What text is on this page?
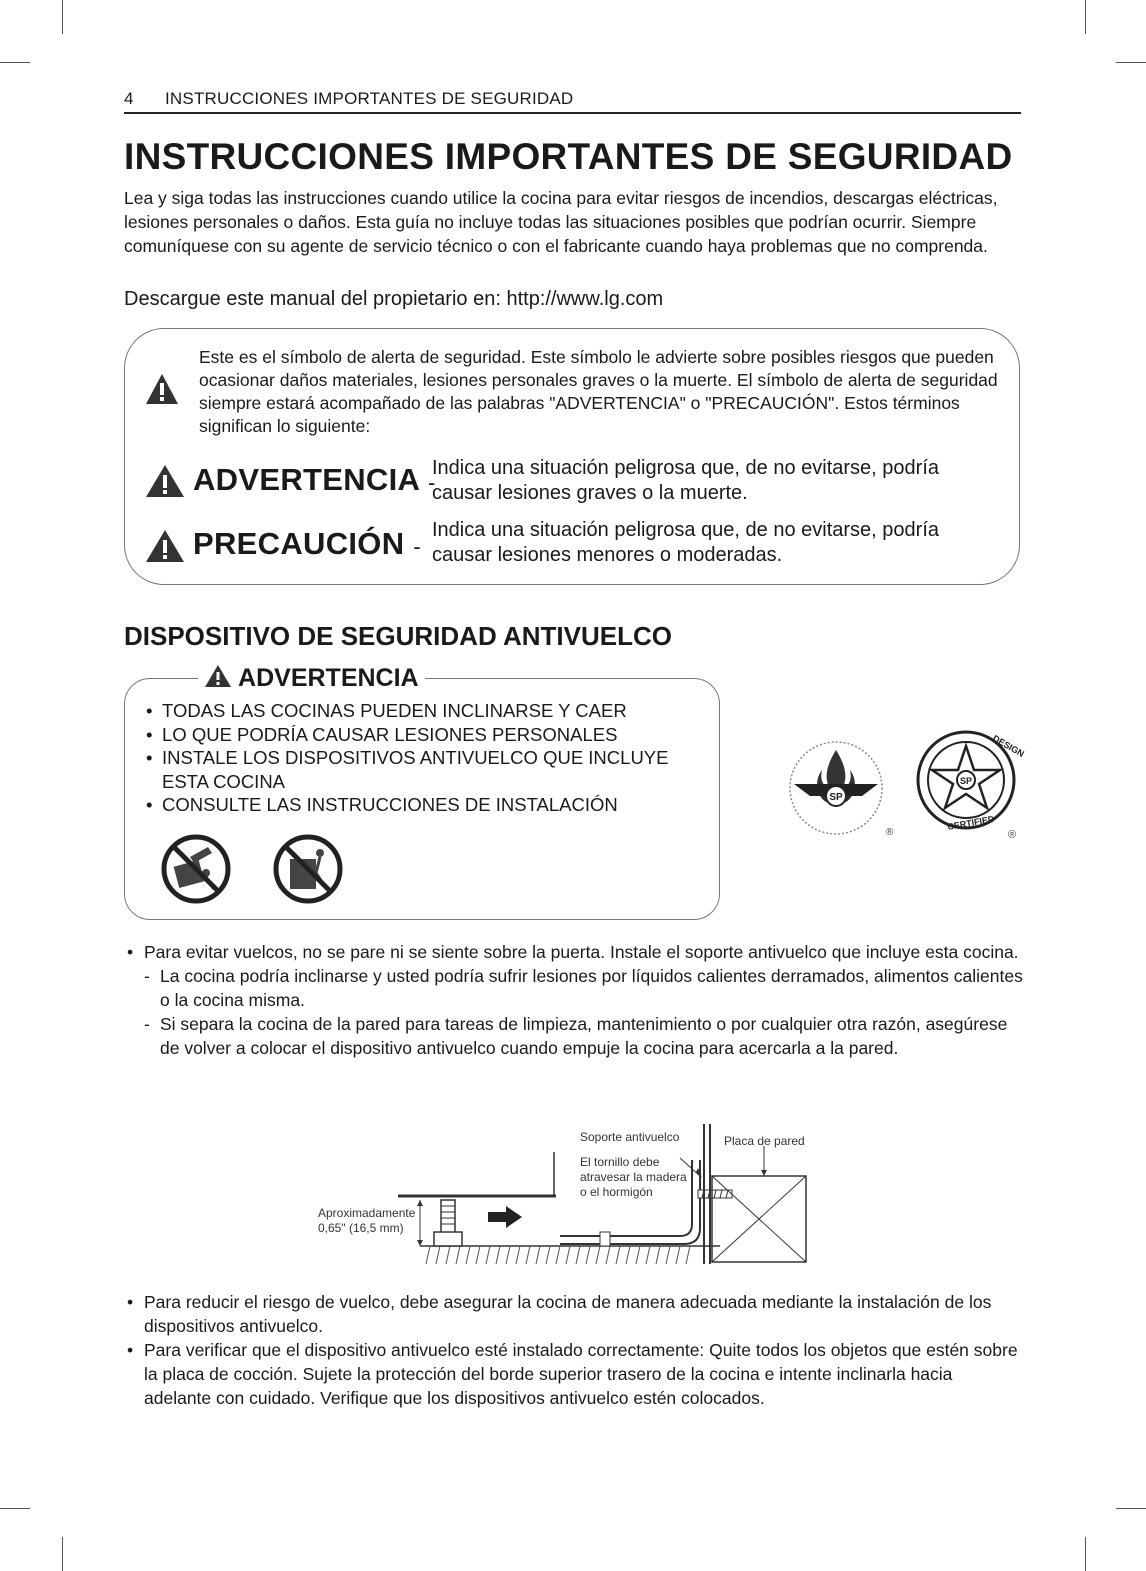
4 INSTRUCCIONES IMPORTANTES DE SEGURIDAD
INSTRUCCIONES IMPORTANTES DE SEGURIDAD
Lea y siga todas las instrucciones cuando utilice la cocina para evitar riesgos de incendios, descargas eléctricas, lesiones personales o daños. Esta guía no incluye todas las situaciones posibles que podrían ocurrir. Siempre comuníquese con su agente de servicio técnico o con el fabricante cuando haya problemas que no comprenda.
Descargue este manual del propietario en: http://www.lg.com
Este es el símbolo de alerta de seguridad. Este símbolo le advierte sobre posibles riesgos que pueden ocasionar daños materiales, lesiones personales graves o la muerte. El símbolo de alerta de seguridad siempre estará acompañado de las palabras "ADVERTENCIA" o "PRECAUCIÓN". Estos términos significan lo siguiente:
ADVERTENCIA -
Indica una situación peligrosa que, de no evitarse, podría causar lesiones graves o la muerte.
PRECAUCIÓN -
Indica una situación peligrosa que, de no evitarse, podría causar lesiones menores o moderadas.
DISPOSITIVO DE SEGURIDAD ANTIVUELCO
ADVERTENCIA
• TODAS LAS COCINAS PUEDEN INCLINARSE Y CAER
• LO QUE PODRÍA CAUSAR LESIONES PERSONALES
• INSTALE LOS DISPOSITIVOS ANTIVUELCO QUE INCLUYE ESTA COCINA
• CONSULTE LAS INSTRUCCIONES DE INSTALACIÓN	SP
®
SP
DESIGN
CERTIFIED
®
• Para evitar vuelcos, no se pare ni se siente sobre la puerta. Instale el soporte antivuelco que incluye esta cocina.
- La cocina podría inclinarse y usted podría sufrir lesiones por líquidos calientes derramados, alimentos calientes o la cocina misma.
- Si separa la cocina de la pared para tareas de limpieza, mantenimiento o por cualquier otra razón, asegúrese de volver a colocar el dispositivo antivuelco cuando empuje la cocina para acercarla a la pared.
Soporte antivuelco	Placa de pared
El tornillo debe atravesar la madera o el hormigón
Aproximadamente
0,65" (16,5 mm)
• Para reducir el riesgo de vuelco, debe asegurar la cocina de manera adecuada mediante la instalación de los dispositivos antivuelco.
• Para verificar que el dispositivo antivuelco esté instalado correctamente: Quite todos los objetos que estén sobre la placa de cocción. Sujete la protección del borde superior trasero de la cocina e intente inclinarla hacia adelante con cuidado. Verifique que los dispositivos antivuelco estén colocados.
